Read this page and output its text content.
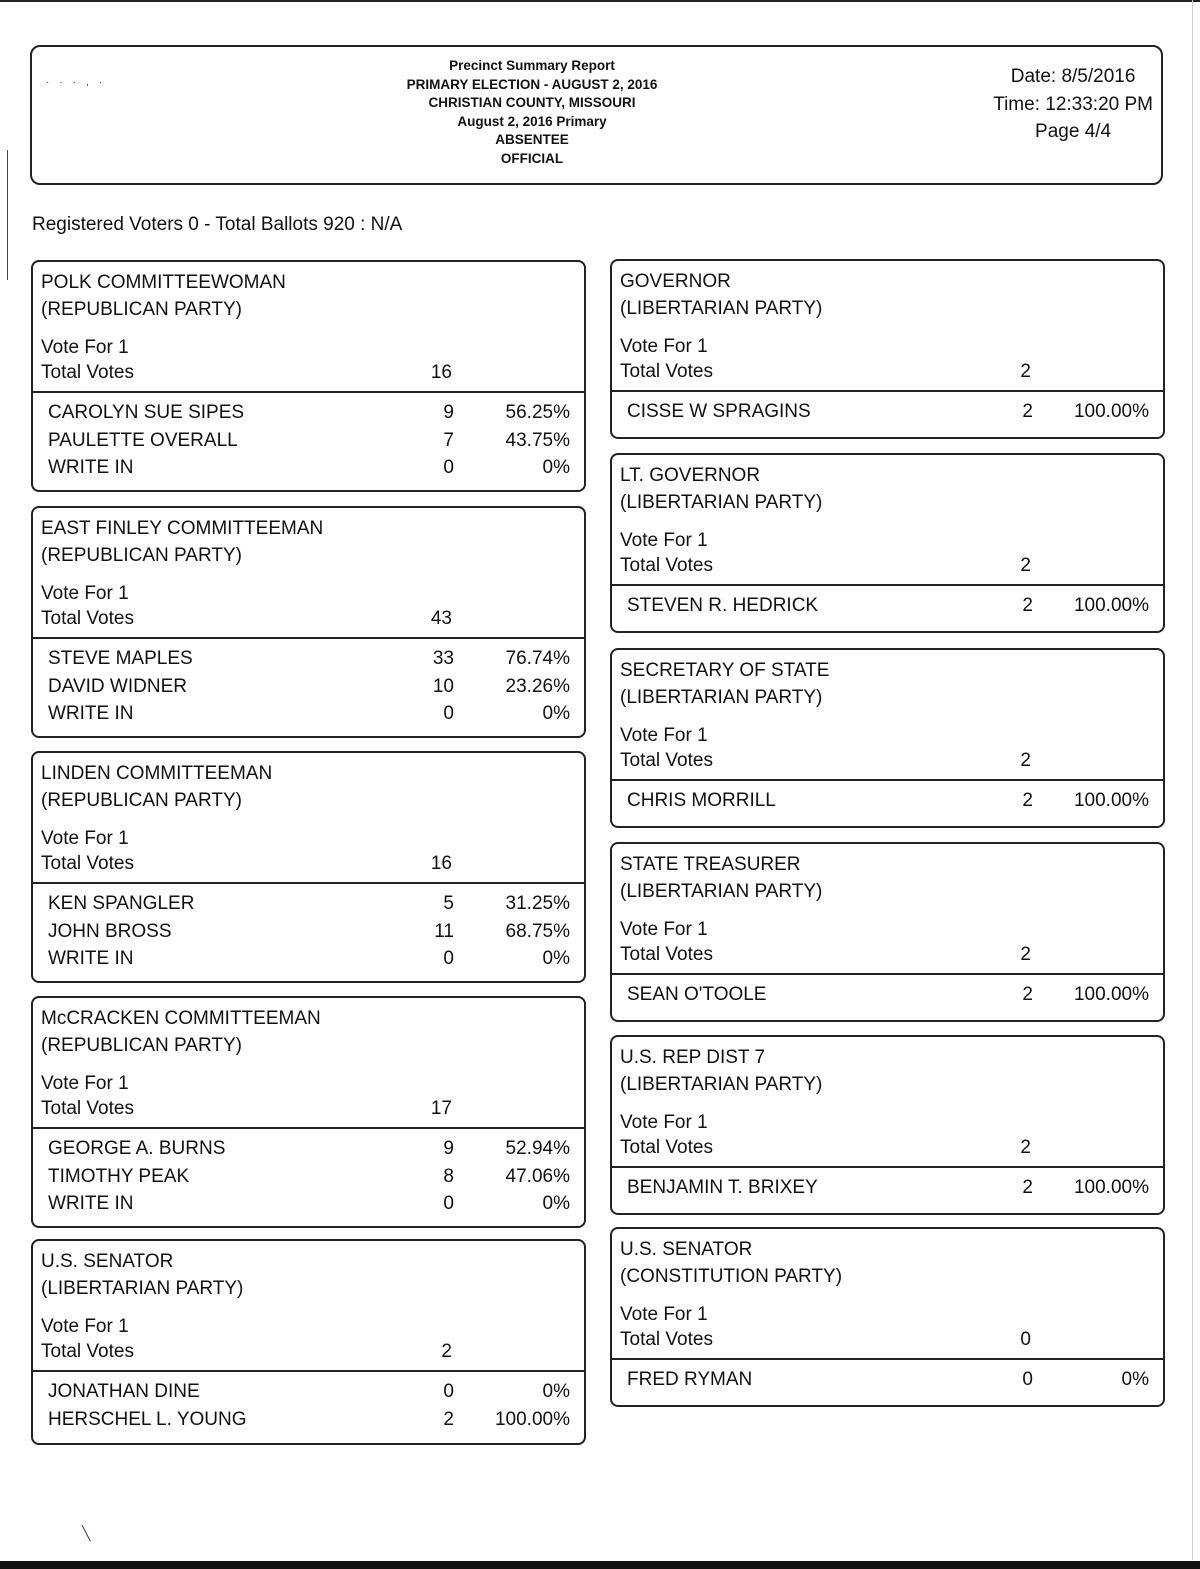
···,·
Precinct Summary Report
PRIMARY ELECTION - AUGUST 2, 2016
CHRISTIAN COUNTY, MISSOURI
August 2, 2016 Primary
ABSENTEE
OFFICIAL
Date: 8/5/2016
Time: 12:33:20 PM
Page 4/4
Registered Voters 0 - Total Ballots 920 : N/A
POLK COMMITTEEWOMAN
(REPUBLICAN PARTY)
Vote For 1
Total Votes	16
CAROLYN SUE SIPES	9	56.25%
PAULETTE OVERALL	7	43.75%
WRITE IN	0	0%
EAST FINLEY COMMITTEEMAN
(REPUBLICAN PARTY)
Vote For 1
Total Votes	43
STEVE MAPLES	33	76.74%
DAVID WIDNER	10	23.26%
WRITE IN	0	0%
LINDEN COMMITTEEMAN
(REPUBLICAN PARTY)
Vote For 1
Total Votes	16
KEN SPANGLER	5	31.25%
JOHN BROSS	11	68.75%
WRITE IN	0	0%
McCRACKEN COMMITTEEMAN
(REPUBLICAN PARTY)
Vote For 1
Total Votes	17
GEORGE A. BURNS	9	52.94%
TIMOTHY PEAK	8	47.06%
WRITE IN	0	0%
U.S. SENATOR
(LIBERTARIAN PARTY)
Vote For 1
Total Votes	2
JONATHAN DINE	0	0%
HERSCHEL L. YOUNG	2 100.00%
GOVERNOR
(LIBERTARIAN PARTY)
Vote For 1
Total Votes	2
CISSE W SPRAGINS	2 100.00%
LT. GOVERNOR
(LIBERTARIAN PARTY)
Vote For 1
Total Votes	2
STEVEN R. HEDRICK	2 100.00%
SECRETARY OF STATE
(LIBERTARIAN PARTY)
Vote For 1
Total Votes	2
CHRIS MORRILL	2 100.00%
STATE TREASURER
(LIBERTARIAN PARTY)
Vote For 1
Total Votes	2
SEAN O'TOOLE	2 100.00%
U.S. REP DIST 7
(LIBERTARIAN PARTY)
Vote For 1
Total Votes	2
BENJAMIN T. BRIXEY	2 100.00%
U.S. SENATOR
(CONSTITUTION PARTY)
Vote For 1
Total Votes	0
FRED RYMAN	0	0%
╲
